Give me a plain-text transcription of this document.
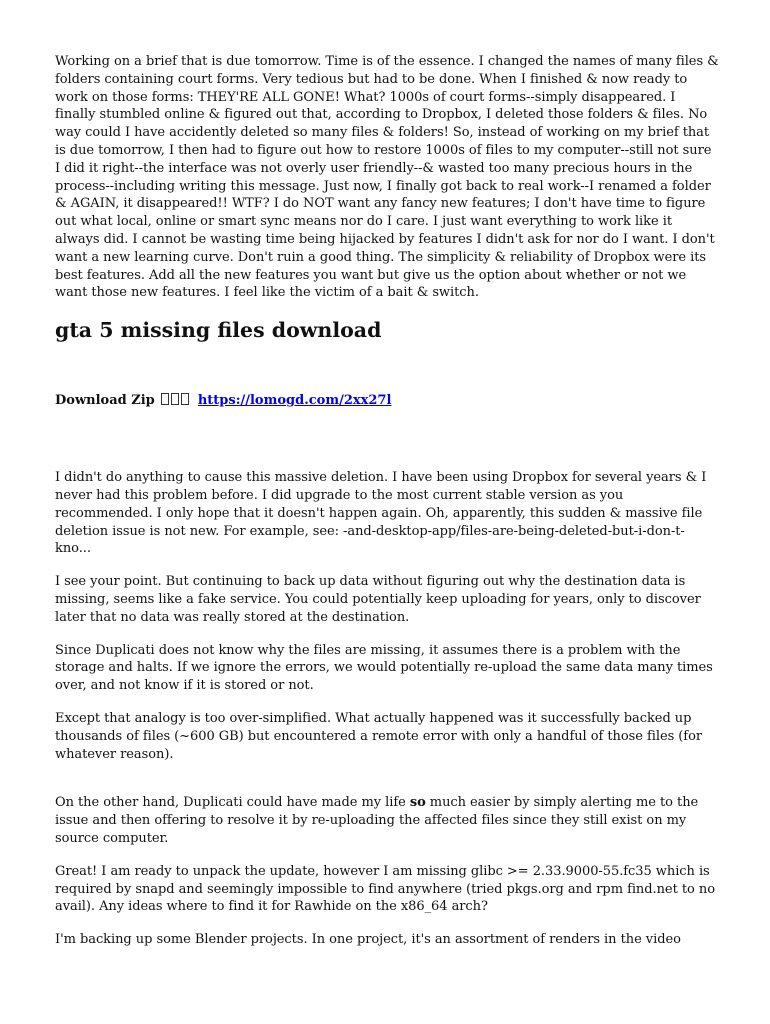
Working on a brief that is due tomorrow. Time is of the essence. I changed the names of many files & folders containing court forms. Very tedious but had to be done. When I finished & now ready to work on those forms: THEY'RE ALL GONE! What? 1000s of court forms--simply disappeared. I finally stumbled online & figured out that, according to Dropbox, I deleted those folders & files. No way could I have accidently deleted so many files & folders! So, instead of working on my brief that is due tomorrow, I then had to figure out how to restore 1000s of files to my computer--still not sure I did it right--the interface was not overly user friendly--& wasted too many precious hours in the process--including writing this message. Just now, I finally got back to real work--I renamed a folder & AGAIN, it disappeared!! WTF? I do NOT want any fancy new features; I don't have time to figure out what local, online or smart sync means nor do I care. I just want everything to work like it always did. I cannot be wasting time being hijacked by features I didn't ask for nor do I want. I don't want a new learning curve. Don't ruin a good thing. The simplicity & reliability of Dropbox were its best features. Add all the new features you want but give us the option about whether or not we want those new features. I feel like the victim of a bait & switch.

gta 5 missing files download
Download Zip	https://lomogd.com/2xx27l

I didn't do anything to cause this massive deletion. I have been using Dropbox for several years & I never had this problem before. I did upgrade to the most current stable version as you recommended. I only hope that it doesn't happen again. Oh, apparently, this sudden & massive file deletion issue is not new. For example, see: -and-desktop-app/files-are-being-deleted-but-i-don-t-kno...

I see your point. But continuing to back up data without figuring out why the destination data is missing, seems like a fake service. You could potentially keep uploading for years, only to discover later that no data was really stored at the destination.

Since Duplicati does not know why the files are missing, it assumes there is a problem with the storage and halts. If we ignore the errors, we would potentially re-upload the same data many times over, and not know if it is stored or not.

Except that analogy is too over-simplified. What actually happened was it successfully backed up thousands of files (~600 GB) but encountered a remote error with only a handful of those files (for whatever reason).

On the other hand, Duplicati could have made my life so much easier by simply alerting me to the issue and then offering to resolve it by re-uploading the affected files since they still exist on my source computer.

Great! I am ready to unpack the update, however I am missing glibc >= 2.33.9000-55.fc35 which is required by snapd and seemingly impossible to find anywhere (tried pkgs.org and rpm find.net to no avail). Any ideas where to find it for Rawhide on the x86_64 arch?

I'm backing up some Blender projects. In one project, it's an assortment of renders in the video
